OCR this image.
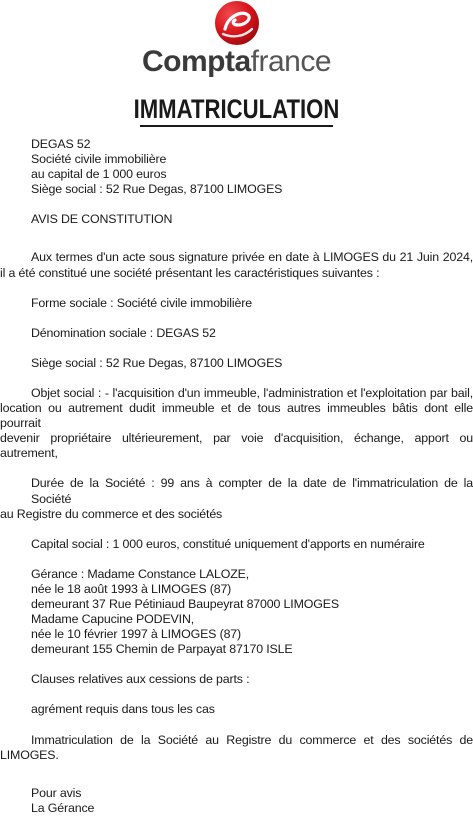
Comptafrance
IMMATRICULATION

DEGAS 52

Société civile immobilière

au capital de 1 000 euros

Siège social : 52 Rue Degas, 87100 LIMOGES

AVIS DE CONSTITUTION

Aux termes d'un acte sous signature privée en date à LIMOGES du 21 Juin 2024,

il a été constitué une société présentant les caractéristiques suivantes :

Forme sociale : Société civile immobilière

Dénomination sociale : DEGAS 52

Siège social : 52 Rue Degas, 87100 LIMOGES

Objet social : - l'acquisition d'un immeuble, l'administration et l'exploitation par bail,

location ou autrement dudit immeuble et de tous autres immeubles bâtis dont elle pourrait

devenir propriétaire ultérieurement, par voie d'acquisition, échange, apport ou autrement,

Durée de la Société : 99 ans à compter de la date de l'immatriculation de la Société

au Registre du commerce et des sociétés

Capital social : 1 000 euros, constitué uniquement d'apports en numéraire

Gérance : Madame Constance LALOZE,

née le 18 août 1993 à LIMOGES (87)

demeurant 37 Rue Pétiniaud Baupeyrat 87000 LIMOGES

Madame Capucine PODEVIN,

née le 10 février 1997 à LIMOGES (87)

demeurant 155 Chemin de Parpayat 87170 ISLE

Clauses relatives aux cessions de parts :

agrément requis dans tous les cas

Immatriculation de la Société au Registre du commerce et des sociétés de

LIMOGES.

Pour avis

La Gérance
